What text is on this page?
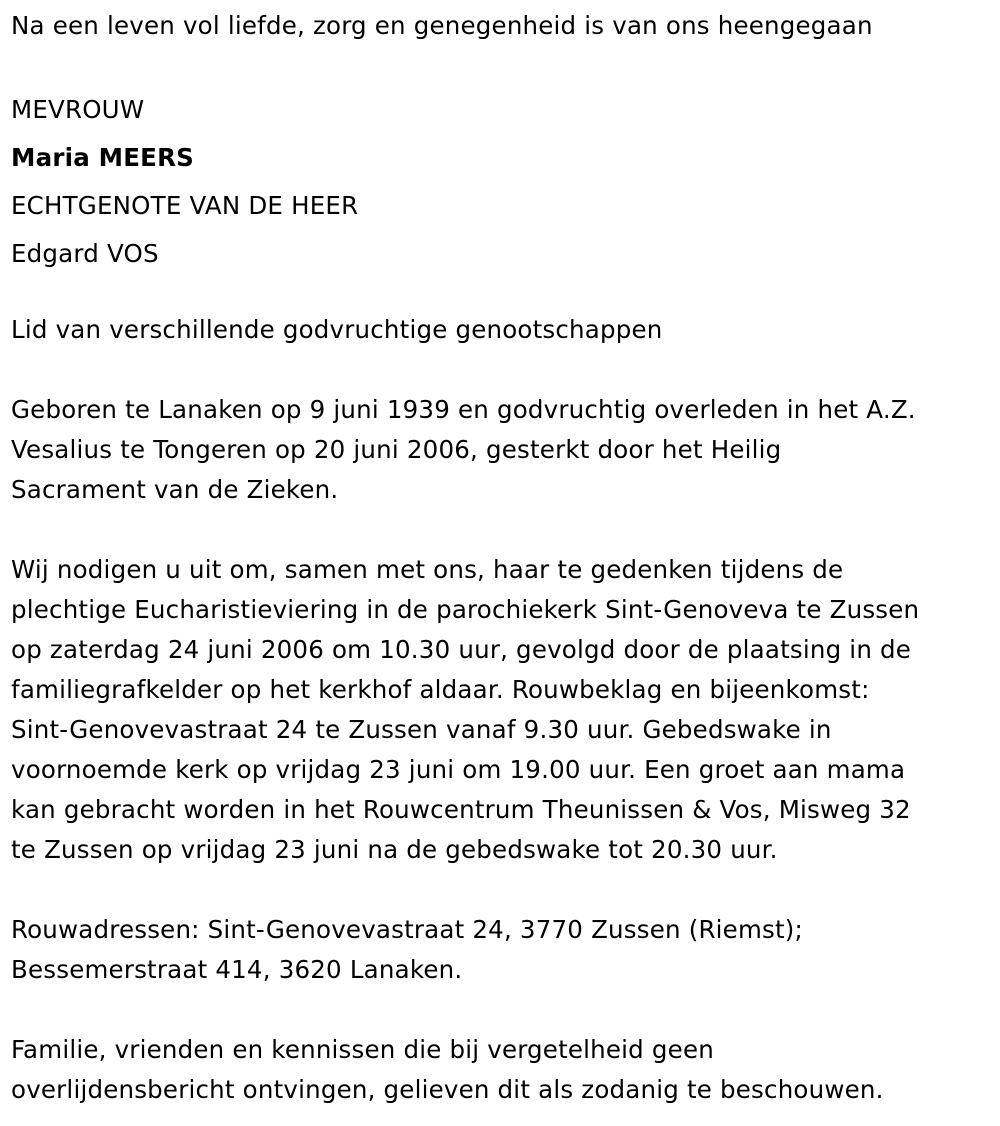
Na een leven vol liefde, zorg en genegenheid is van ons heengegaan
MEVROUW
Maria MEERS
ECHTGENOTE VAN DE HEER
Edgard VOS
Lid van verschillende godvruchtige genootschappen
Geboren te Lanaken op 9 juni 1939 en godvruchtig overleden in het A.Z.
Vesalius te Tongeren op 20 juni 2006, gesterkt door het Heilig
Sacrament van de Zieken.
Wij nodigen u uit om, samen met ons, haar te gedenken tijdens de
plechtige Eucharistieviering in de parochiekerk Sint-Genoveva te Zussen
op zaterdag 24 juni 2006 om 10.30 uur, gevolgd door de plaatsing in de
familiegrafkelder op het kerkhof aldaar. Rouwbeklag en bijeenkomst:
Sint-Genovevastraat 24 te Zussen vanaf 9.30 uur. Gebedswake in
voornoemde kerk op vrijdag 23 juni om 19.00 uur. Een groet aan mama
kan gebracht worden in het Rouwcentrum Theunissen & Vos, Misweg 32
te Zussen op vrijdag 23 juni na de gebedswake tot 20.30 uur.
Rouwadressen: Sint-Genovevastraat 24, 3770 Zussen (Riemst);
Bessemerstraat 414, 3620 Lanaken.
Familie, vrienden en kennissen die bij vergetelheid geen
overlijdensbericht ontvingen, gelieven dit als zodanig te beschouwen.
